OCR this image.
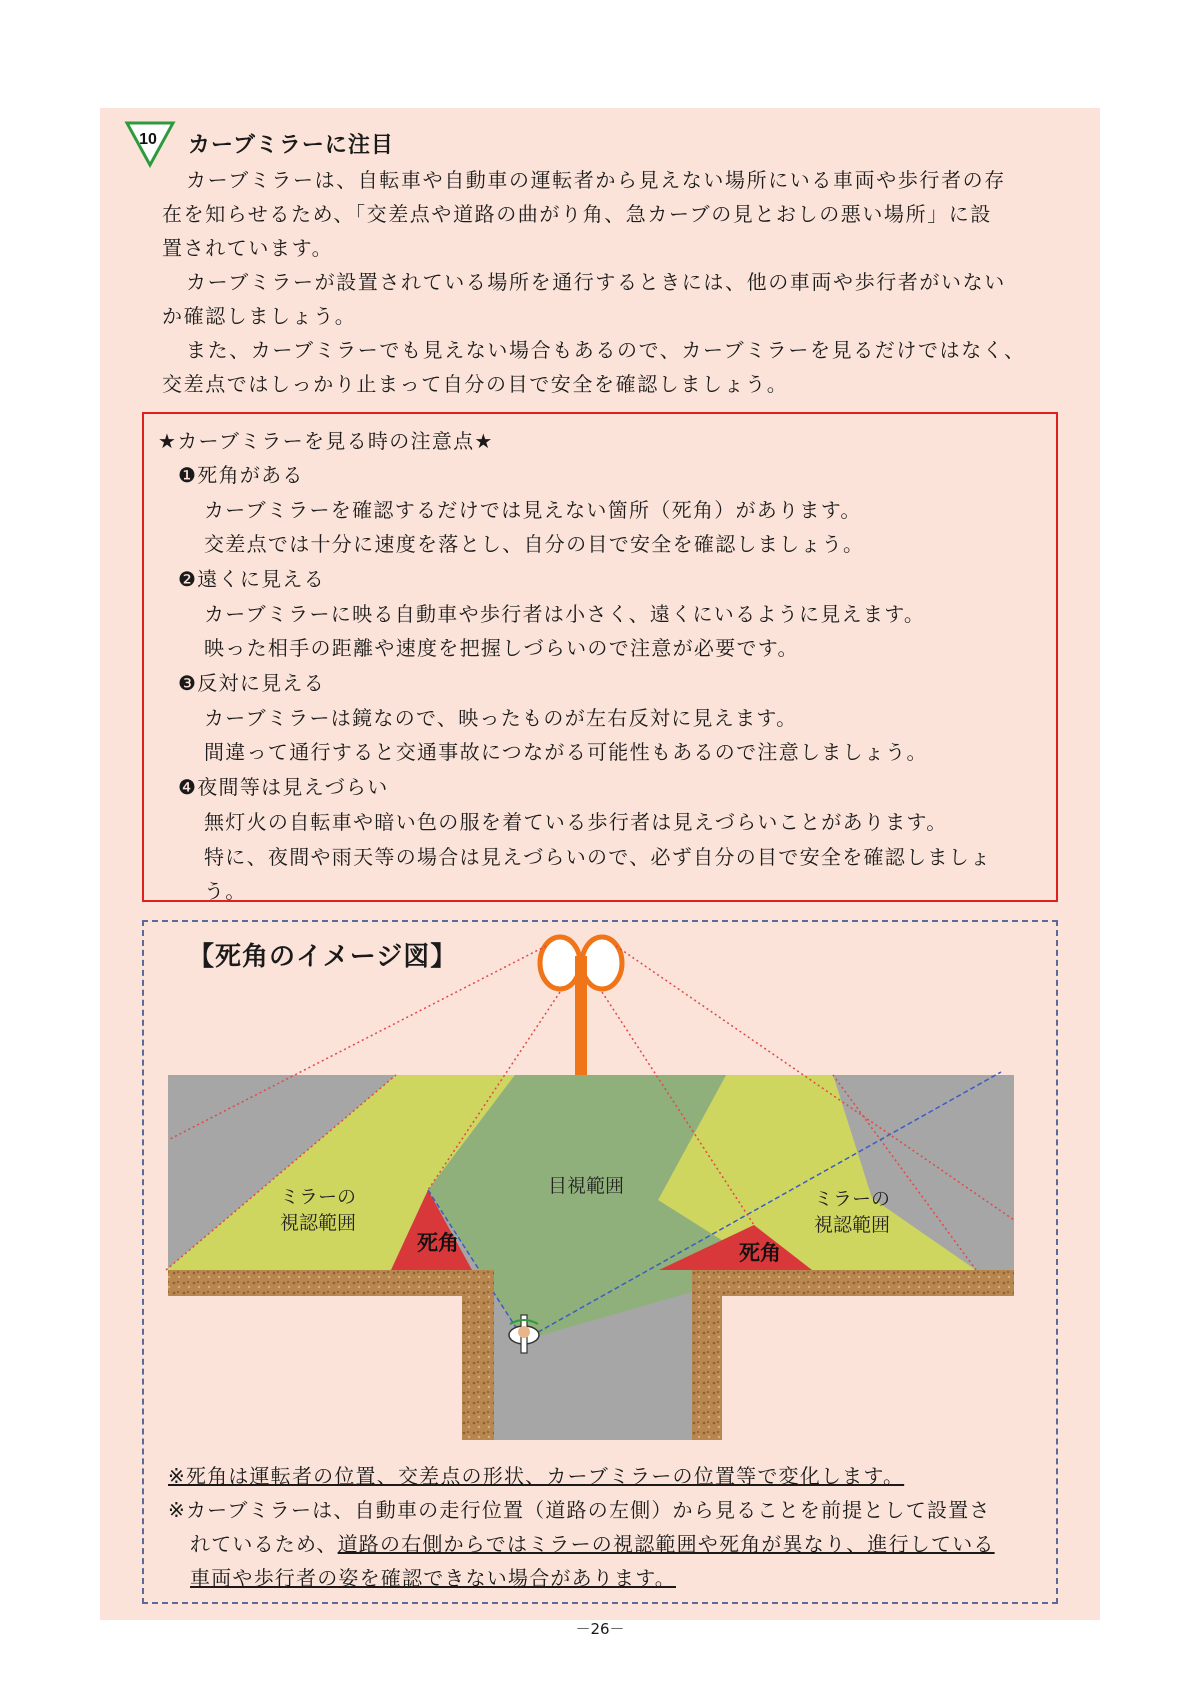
10 カーブミラーに注目
カーブミラーは、自転車や自動車の運転者から見えない場所にいる車両や歩行者の存
在を知らせるため、「交差点や道路の曲がり角、急カーブの見とおしの悪い場所」に設
置されています。
カーブミラーが設置されている場所を通行するときには、他の車両や歩行者がいない
か確認しましょう。
また、カーブミラーでも見えない場合もあるので、カーブミラーを見るだけではなく、
交差点ではしっかり止まって自分の目で安全を確認しましょう。
★カーブミラーを見る時の注意点★
❶死角がある
カーブミラーを確認するだけでは見えない箇所（死角）があります。
交差点では十分に速度を落とし、自分の目で安全を確認しましょう。
❷遠くに見える
カーブミラーに映る自動車や歩行者は小さく、遠くにいるように見えます。
映った相手の距離や速度を把握しづらいので注意が必要です。
❸反対に見える
カーブミラーは鏡なので、映ったものが左右反対に見えます。
間違って通行すると交通事故につながる可能性もあるので注意しましょう。
❹夜間等は見えづらい
無灯火の自転車や暗い色の服を着ている歩行者は見えづらいことがあります。
特に、夜間や雨天等の場合は見えづらいので、必ず自分の目で安全を確認しましょ
う。
【死角のイメージ図】
ミラーの
視認範囲
ミラーの
視認範囲
目視範囲
死角	死角
※死角は運転者の位置、交差点の形状、カーブミラーの位置等で変化します。
※カーブミラーは、自動車の走行位置（道路の左側）から見ることを前提として設置さ
れているため、道路の右側からではミラーの視認範囲や死角が異なり、進行している
車両や歩行者の姿を確認できない場合があります。
－26－
